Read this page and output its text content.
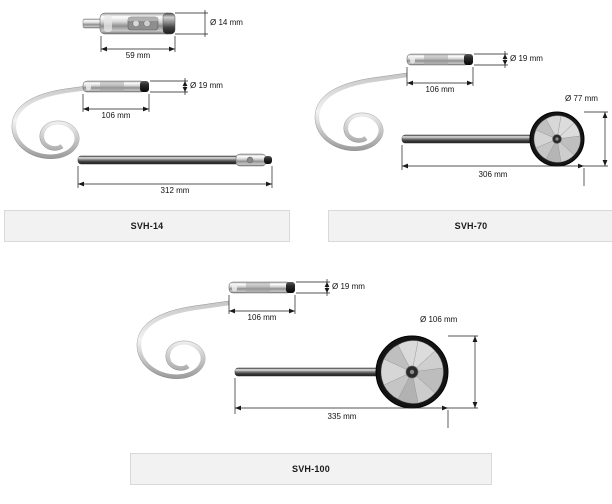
Ø 14 mm
59 mm
Ø 19 mm
106 mm
312 mm
SVH-14
Ø 19 mm
106 mm
Ø 77 mm
306 mm
SVH-70
Ø 19 mm
106 mm	Ø 106 mm
335 mm
SVH-100
